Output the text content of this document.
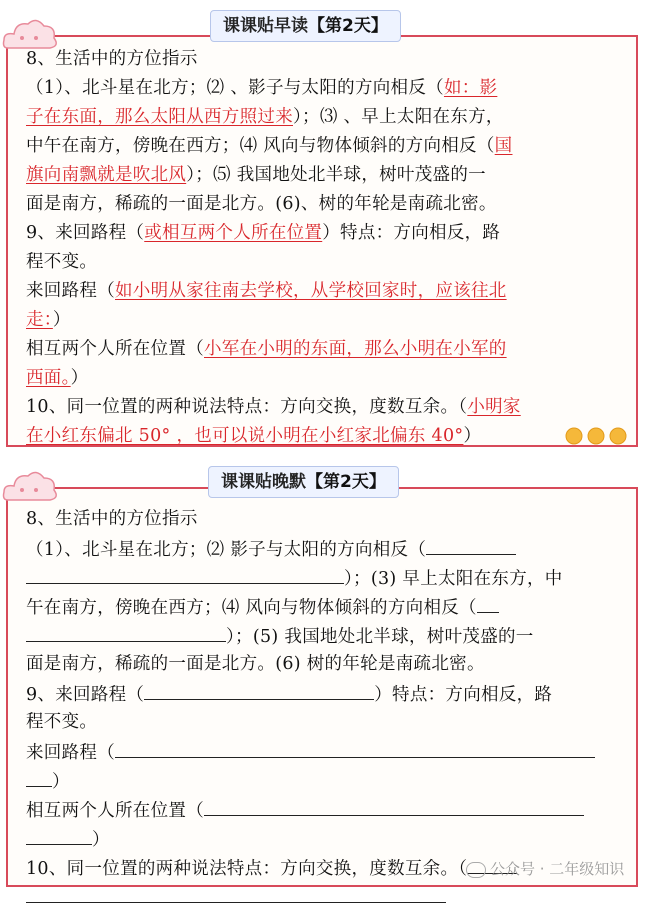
课课贴早读【第2天】
8、生活中的方位指示
（1）、北斗星在北方；⑵ 、影子与太阳的方向相反（如：影
子在东面，那么太阳从西方照过来）；⑶ 、早上太阳在东方，
中午在南方，傍晚在西方；⑷ 风向与物体倾斜的方向相反（国
旗向南飘就是吹北风）；⑸ 我国地处北半球，树叶茂盛的一
面是南方，稀疏的一面是北方。(6)、树的年轮是南疏北密。
9、来回路程（或相互两个人所在位置）特点：方向相反，路
程不变。
来回路程（如小明从家往南去学校，从学校回家时，应该往北
走：）
相互两个人所在位置（小军在小明的东面，那么小明在小军的
西面。）
10、同一位置的两种说法特点：方向交换，度数互余。（小明家
在小红东偏北 50° ，也可以说小明在小红家北偏东 40°）
课课贴晚默【第2天】
8、生活中的方位指示
（1）、北斗星在北方；⑵ 影子与太阳的方向相反（
）；(3) 早上太阳在东方，中
午在南方，傍晚在西方；⑷ 风向与物体倾斜的方向相反（
）；(5) 我国地处北半球，树叶茂盛的一
面是南方，稀疏的一面是北方。(6) 树的年轮是南疏北密。
9、来回路程（	）特点：方向相反，路
程不变。
来回路程（
）
相互两个人所在位置（
）
10、同一位置的两种说法特点：方向交换，度数互余。（	公众号 · 二年级知识
